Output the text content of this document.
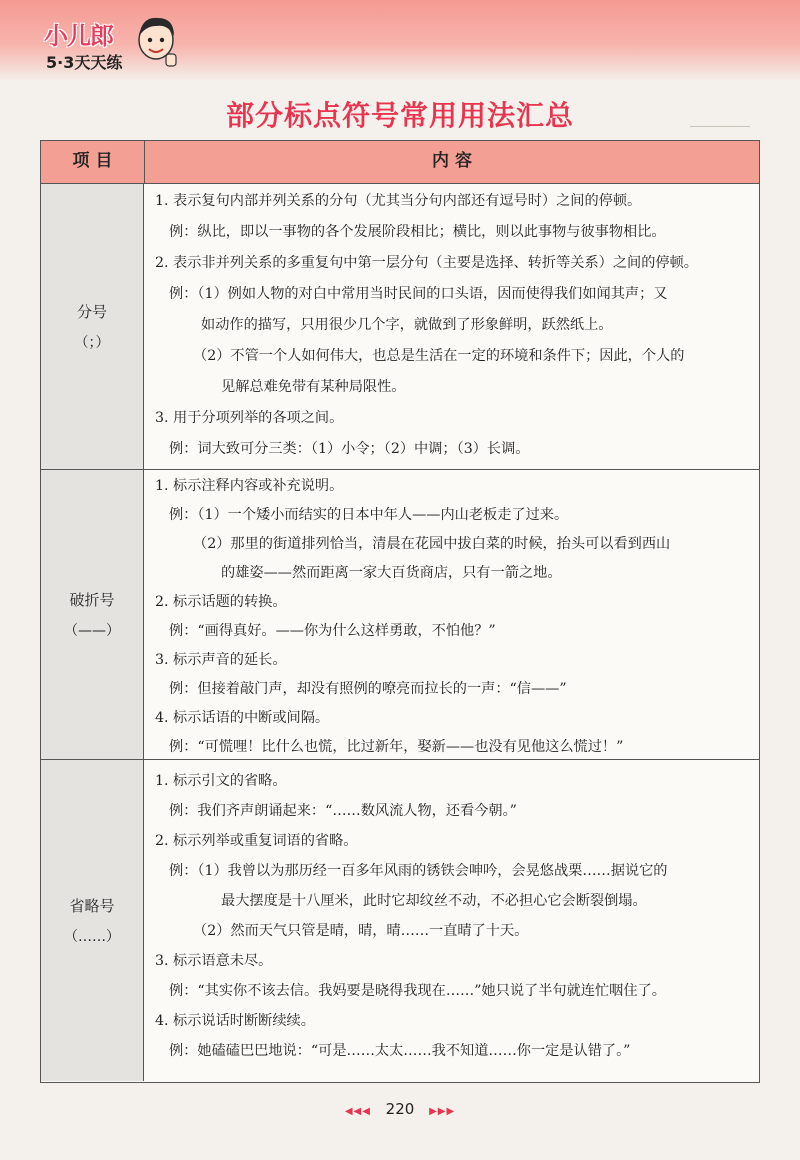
小儿郎
5·3天天练
部分标点符号常用用法汇总
项 目	内 容
分号
（；）
1. 表示复句内部并列关系的分句（尤其当分句内部还有逗号时）之间的停顿。
例：纵比，即以一事物的各个发展阶段相比；横比，则以此事物与彼事物相比。
2. 表示非并列关系的多重复句中第一层分句（主要是选择、转折等关系）之间的停顿。
例：（1）例如人物的对白中常用当时民间的口头语，因而使得我们如闻其声；又
如动作的描写，只用很少几个字，就做到了形象鲜明，跃然纸上。
（2）不管一个人如何伟大，也总是生活在一定的环境和条件下；因此，个人的
见解总难免带有某种局限性。
3. 用于分项列举的各项之间。
例：词大致可分三类：（1）小令；（2）中调；（3）长调。
破折号
（——）
1. 标示注释内容或补充说明。
例：（1）一个矮小而结实的日本中年人——内山老板走了过来。
（2）那里的街道排列恰当，清晨在花园中拔白菜的时候，抬头可以看到西山
的雄姿——然而距离一家大百货商店，只有一箭之地。
2. 标示话题的转换。
例：“画得真好。——你为什么这样勇敢，不怕他？”
3. 标示声音的延长。
例：但接着敲门声，却没有照例的嘹亮而拉长的一声：“信——”
4. 标示话语的中断或间隔。
例：“可慌哩！比什么也慌，比过新年，娶新——也没有见他这么慌过！”
省略号
（……）
1. 标示引文的省略。
例：我们齐声朗诵起来：“……数风流人物，还看今朝。”
2. 标示列举或重复词语的省略。
例：（1）我曾以为那历经一百多年风雨的锈铁会呻吟，会晃悠战栗……据说它的
最大摆度是十八厘米，此时它却纹丝不动，不必担心它会断裂倒塌。
（2）然而天气只管是晴，晴，晴……一直晴了十天。
3. 标示语意未尽。
例：“其实你不该去信。我妈要是晓得我现在……”她只说了半句就连忙咽住了。
4. 标示说话时断断续续。
例：她磕磕巴巴地说：“可是……太太……我不知道……你一定是认错了。”
◀◀◀ 220 ▶▶▶
